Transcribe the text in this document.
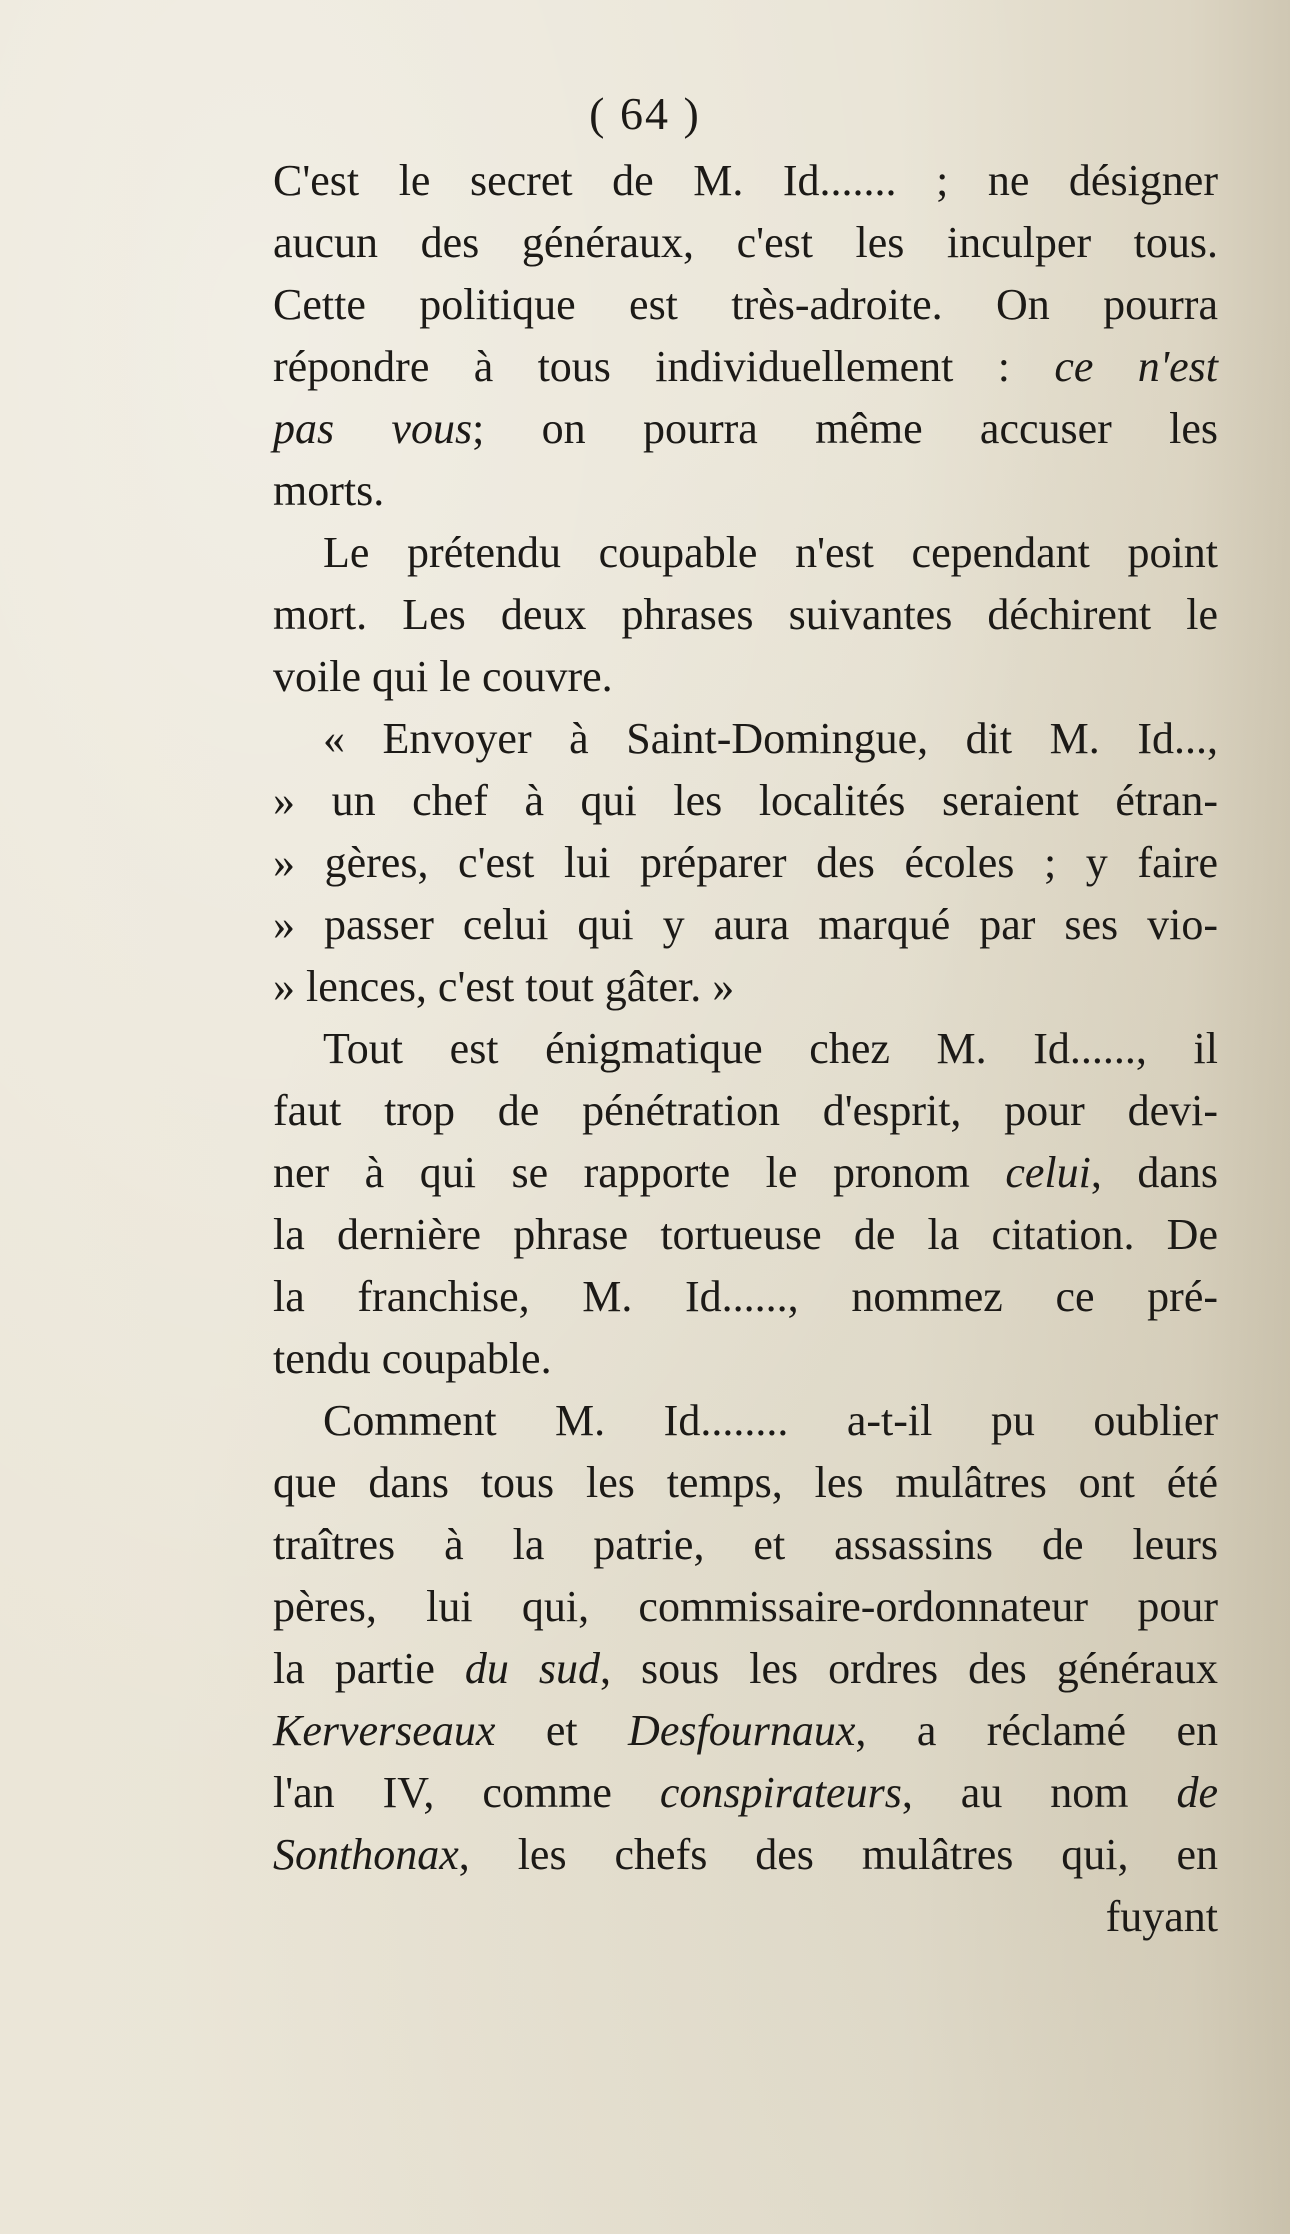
( 64 )
C'est le secret de M. Id....... ; ne désigner
aucun des généraux, c'est les inculper tous.
Cette politique est très-adroite. On pourra
répondre à tous individuellement : ce n'est
pas vous; on pourra même accuser les
morts.
Le prétendu coupable n'est cependant point
mort. Les deux phrases suivantes déchirent le
voile qui le couvre.
« Envoyer à Saint-Domingue, dit M. Id...,
» un chef à qui les localités seraient étran-
» gères, c'est lui préparer des écoles ; y faire
» passer celui qui y aura marqué par ses vio-
» lences, c'est tout gâter. »
Tout est énigmatique chez M. Id......, il
faut trop de pénétration d'esprit, pour devi-
ner à qui se rapporte le pronom celui, dans
la dernière phrase tortueuse de la citation. De
la franchise, M. Id......, nommez ce pré-
tendu coupable.
Comment M. Id........ a-t-il pu oublier
que dans tous les temps, les mulâtres ont été
traîtres à la patrie, et assassins de leurs
pères, lui qui, commissaire-ordonnateur pour
la partie du sud, sous les ordres des généraux
Kerverseaux et Desfournaux, a réclamé en
l'an IV, comme conspirateurs, au nom de
Sonthonax, les chefs des mulâtres qui, en
fuyant
